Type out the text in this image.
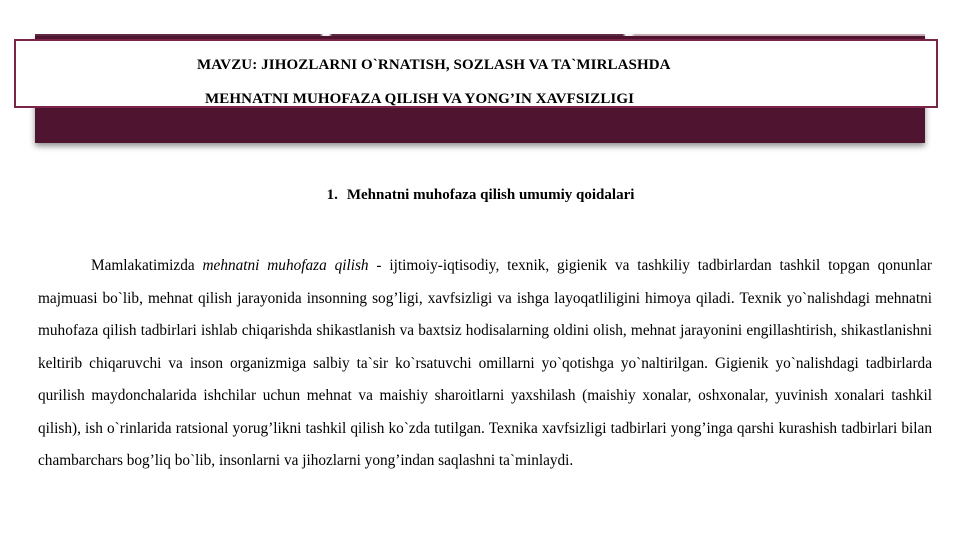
MAVZU: JIHOZLARNI O`RNATISH, SOZLASH VA TA`MIRLASHDA
MEHNATNI MUHOFAZA QILISH VA YONG’IN XAVFSIZLIGI
1. Mehnatni muhofaza qilish umumiy qoidalari

Mamlakatimizda mehnatni muhofaza qilish - ijtimoiy-iqtisodiy, texnik, gigienik va tashkiliy tadbirlardan tashkil topgan qonunlar majmuasi bo`lib, mehnat qilish jarayonida insonning sog’ligi, xavfsizligi va ishga layoqatliligini himoya qiladi. Texnik yo`nalishdagi mehnatni muhofaza qilish tadbirlari ishlab chiqarishda shikastlanish va baxtsiz hodisalarning oldini olish, mehnat jarayonini engillashtirish, shikastlanishni keltirib chiqaruvchi va inson organizmiga salbiy ta`sir ko`rsatuvchi omillarni yo`qotishga yo`naltirilgan. Gigienik yo`nalishdagi tadbirlarda qurilish maydonchalarida ishchilar uchun mehnat va maishiy sharoitlarni yaxshilash (maishiy xonalar, oshxonalar, yuvinish xonalari tashkil qilish), ish o`rinlarida ratsional yorug’likni tashkil qilish ko`zda tutilgan. Texnika xavfsizligi tadbirlari yong’inga qarshi kurashish tadbirlari bilan chambarchars bog’liq bo`lib, insonlarni va jihozlarni yong’indan saqlashni ta`minlaydi.
